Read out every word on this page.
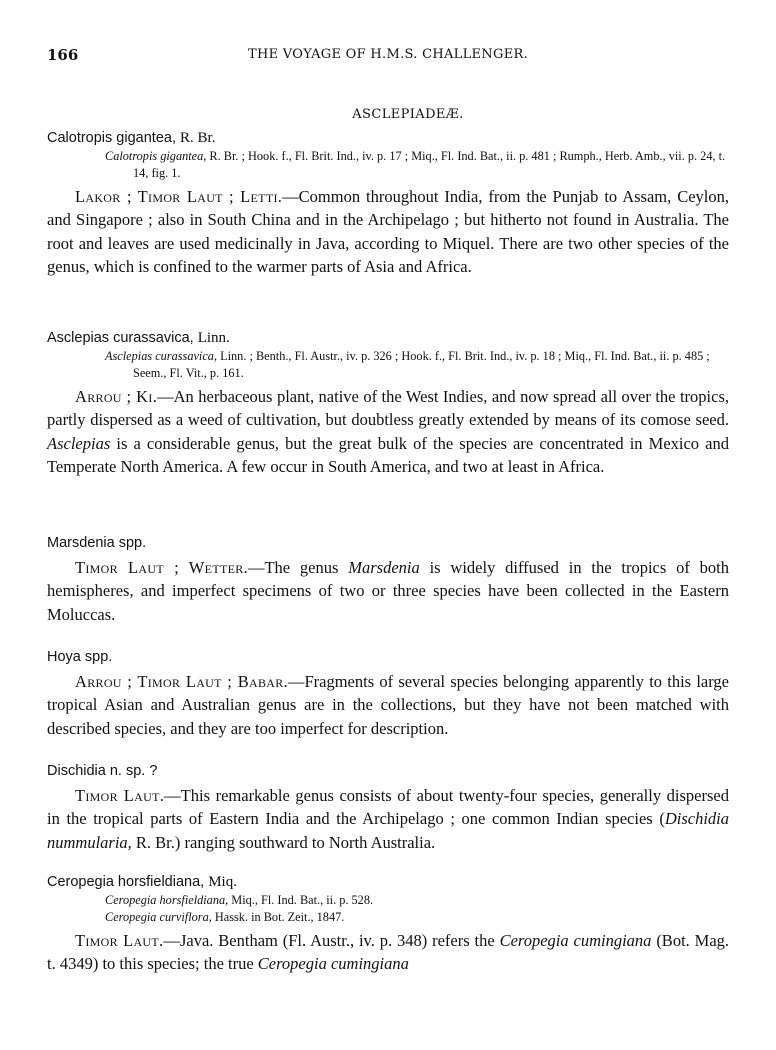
166	THE VOYAGE OF H.M.S. CHALLENGER.
ASCLEPIADEÆ.
Calotropis gigantea, R. Br.
Calotropis gigantea, R. Br. ; Hook. f., Fl. Brit. Ind., iv. p. 17 ; Miq., Fl. Ind. Bat., ii. p. 481 ; Rumph., Herb. Amb., vii. p. 24, t. 14, fig. 1.
Lakor ; Timor Laut ; Letti.—Common throughout India, from the Punjab to Assam, Ceylon, and Singapore ; also in South China and in the Archipelago ; but hitherto not found in Australia. The root and leaves are used medicinally in Java, according to Miquel. There are two other species of the genus, which is confined to the warmer parts of Asia and Africa.
Asclepias curassavica, Linn.
Asclepias curassavica, Linn. ; Benth., Fl. Austr., iv. p. 326 ; Hook. f., Fl. Brit. Ind., iv. p. 18 ; Miq., Fl. Ind. Bat., ii. p. 485 ; Seem., Fl. Vit., p. 161.
Arrou ; Ki.—An herbaceous plant, native of the West Indies, and now spread all over the tropics, partly dispersed as a weed of cultivation, but doubtless greatly extended by means of its comose seed. Asclepias is a considerable genus, but the great bulk of the species are concentrated in Mexico and Temperate North America. A few occur in South America, and two at least in Africa.
Marsdenia spp.
Timor Laut ; Wetter.—The genus Marsdenia is widely diffused in the tropics of both hemispheres, and imperfect specimens of two or three species have been collected in the Eastern Moluccas.
Hoya spp.
Arrou ; Timor Laut ; Babar.—Fragments of several species belonging apparently to this large tropical Asian and Australian genus are in the collections, but they have not been matched with described species, and they are too imperfect for description.
Dischidia n. sp. ?
Timor Laut.—This remarkable genus consists of about twenty-four species, generally dispersed in the tropical parts of Eastern India and the Archipelago ; one common Indian species (Dischidia nummularia, R. Br.) ranging southward to North Australia.
Ceropegia horsfieldiana, Miq.
Ceropegia horsfieldiana, Miq., Fl. Ind. Bat., ii. p. 528.
Ceropegia curviflora, Hassk. in Bot. Zeit., 1847.
Timor Laut.—Java. Bentham (Fl. Austr., iv. p. 348) refers the Ceropegia cumingiana (Bot. Mag. t. 4349) to this species; the true Ceropegia cumingiana
